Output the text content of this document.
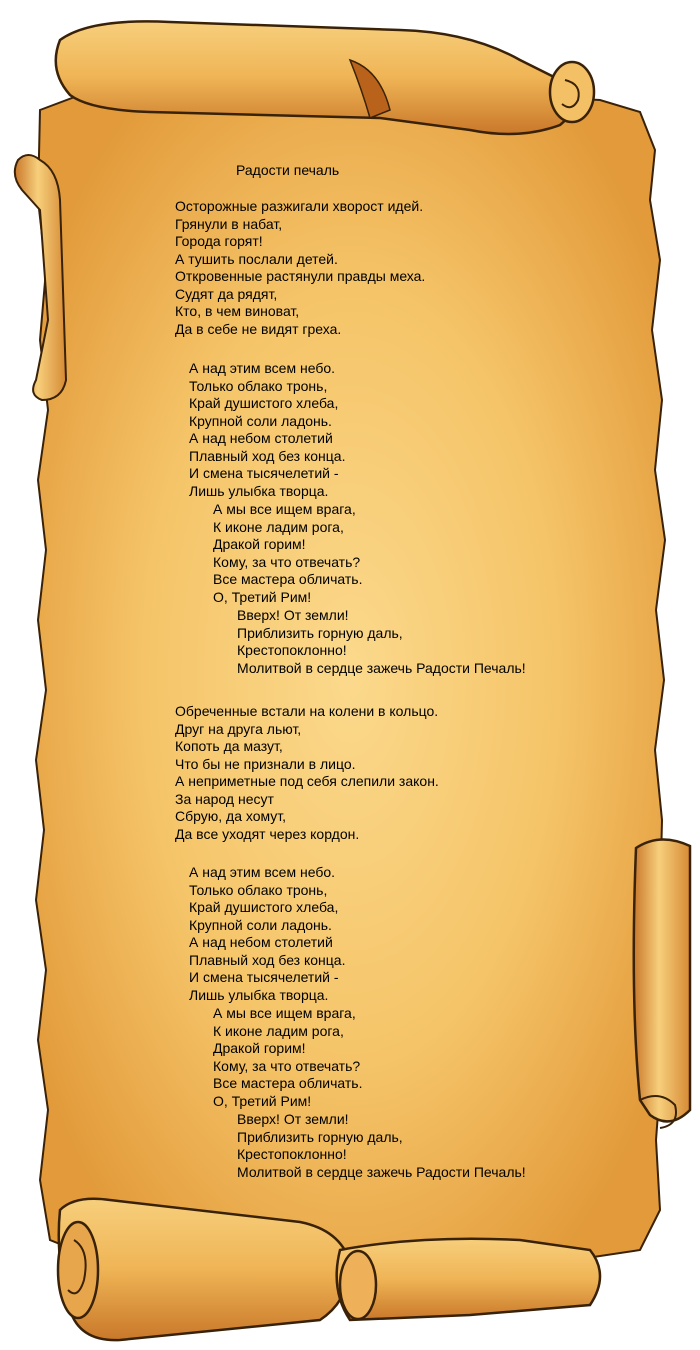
Радости печаль
Осторожные разжигали хворост идей.
Грянули в набат,
Города горят!
А тушить послали детей.
Откровенные растянули правды меха.
Судят да рядят,
Кто, в чем виноват,
Да в себе не видят греха.
А над этим всем небо.
Только облако тронь,
Край душистого хлеба,
Крупной соли ладонь.
А над небом столетий
Плавный ход без конца.
И смена тысячелетий -
Лишь улыбка творца.
А мы все ищем врага,
К иконе ладим рога,
Дракой горим!
Кому, за что отвечать?
Все мастера обличать.
О, Третий Рим!
Вверх! От земли!
Приблизить горную даль,
Крестопоклонно!
Молитвой в сердце зажечь Радости Печаль!
Обреченные встали на колени в кольцо.
Друг на друга льют,
Копоть да мазут,
Что бы не признали в лицо.
А неприметные под себя слепили закон.
За народ несут
Сбрую, да хомут,
Да все уходят через кордон.
А над этим всем небо.
Только облако тронь,
Край душистого хлеба,
Крупной соли ладонь.
А над небом столетий
Плавный ход без конца.
И смена тысячелетий -
Лишь улыбка творца.
А мы все ищем врага,
К иконе ладим рога,
Дракой горим!
Кому, за что отвечать?
Все мастера обличать.
О, Третий Рим!
Вверх! От земли!
Приблизить горную даль,
Крестопоклонно!
Молитвой в сердце зажечь Радости Печаль!
